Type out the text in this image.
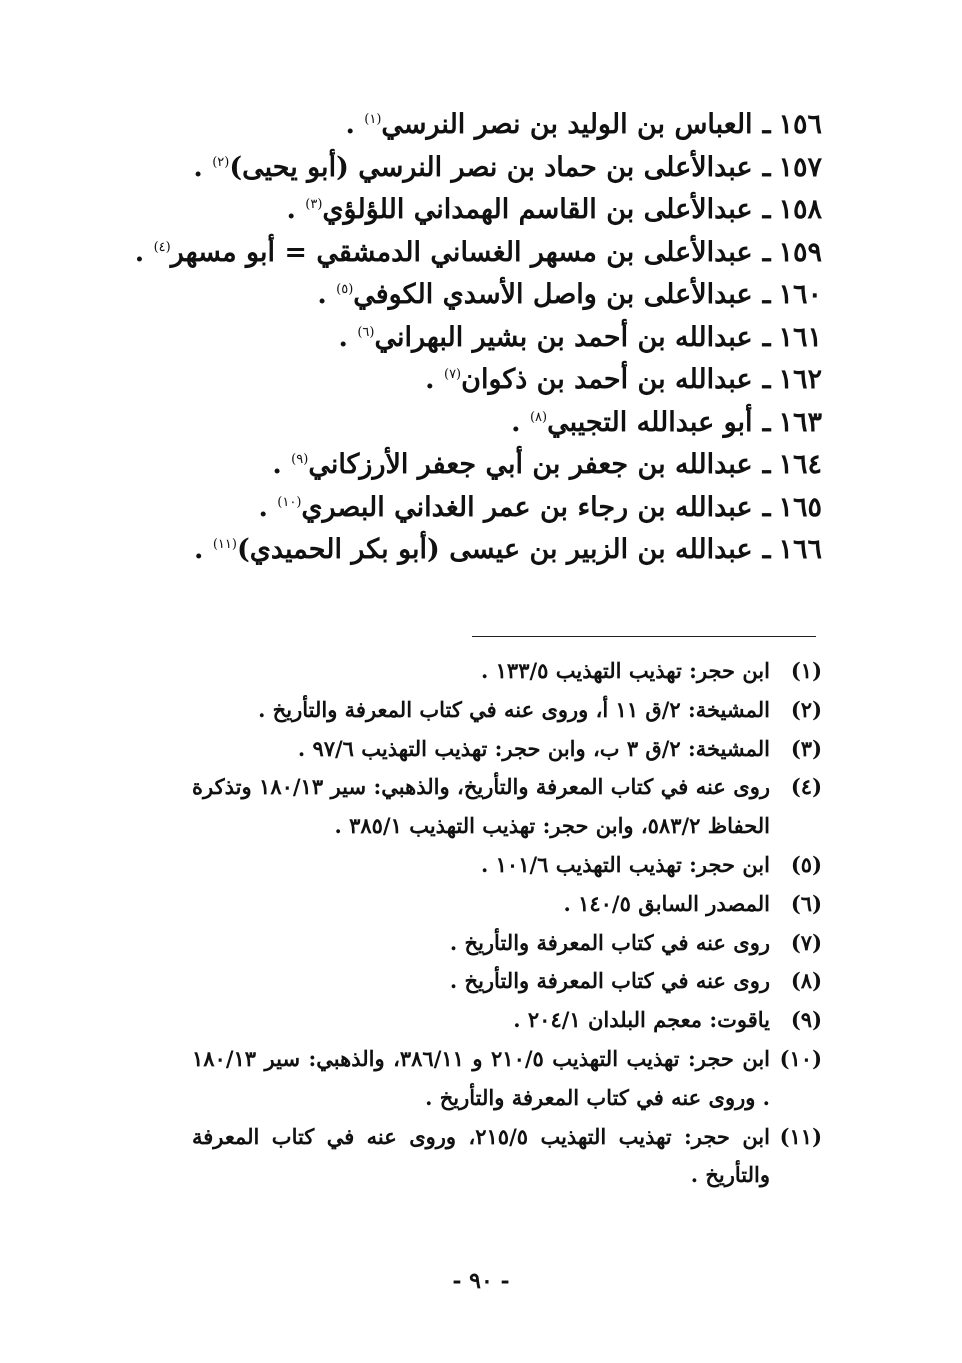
١٥٦ـالعباس بن الوليد بن نصر النرسي$^{(١)}$ .
١٥٧ـعبدالأعلى بن حماد بن نصر النرسي (أبو يحيى)$^{(٢)}$ .
١٥٨ـعبدالأعلى بن القاسم الهمداني اللؤلؤي$^{(٣)}$ .
١٥٩ـعبدالأعلى بن مسهر الغساني الدمشقي = أبو مسهر$^{(٤)}$ .
١٦٠ـعبدالأعلى بن واصل الأسدي الكوفي$^{(٥)}$ .
١٦١ـعبدالله بن أحمد بن بشير البهراني$^{(٦)}$ .
١٦٢ـعبدالله بن أحمد بن ذكوان$^{(٧)}$ .
١٦٣ـأبو عبدالله التجيبي$^{(٨)}$ .
١٦٤ـعبدالله بن جعفر بن أبي جعفر الأرزكاني$^{(٩)}$ .
١٦٥ـعبدالله بن رجاء بن عمر الغداني البصري$^{(١٠)}$ .
١٦٦ـعبدالله بن الزبير بن عيسى (أبو بكر الحميدي)$^{(١١)}$ .
(١)
ابن حجر: تهذيب التهذيب ١٣٣/٥ .
(٢)
المشيخة: ٢/ق ١١ أ، وروى عنه في كتاب المعرفة والتأريخ .
(٣)
المشيخة: ٢/ق ٣ ب، وابن حجر: تهذيب التهذيب ٩٧/٦ .
(٤)
روى عنه في كتاب المعرفة والتأريخ، والذهبي: سير ١٨٠/١٣ وتذكرة الحفاظ ٥٨٣/٢، وابن حجر: تهذيب التهذيب ٣٨٥/١ .
(٥)
ابن حجر: تهذيب التهذيب ١٠١/٦ .
(٦)
المصدر السابق ١٤٠/٥ .
(٧)
روى عنه في كتاب المعرفة والتأريخ .
(٨)
روى عنه في كتاب المعرفة والتأريخ .
(٩)
ياقوت: معجم البلدان ٢٠٤/١ .
(١٠)
ابن حجر: تهذيب التهذيب ٢١٠/٥ و ٣٨٦/١١، والذهبي: سير ١٨٠/١٣ . وروى عنه في كتاب المعرفة والتأريخ .
(١١)
ابن حجر: تهذيب التهذيب ٢١٥/٥، وروى عنه في كتاب المعرفة والتأريخ .
- ٩٠ -
